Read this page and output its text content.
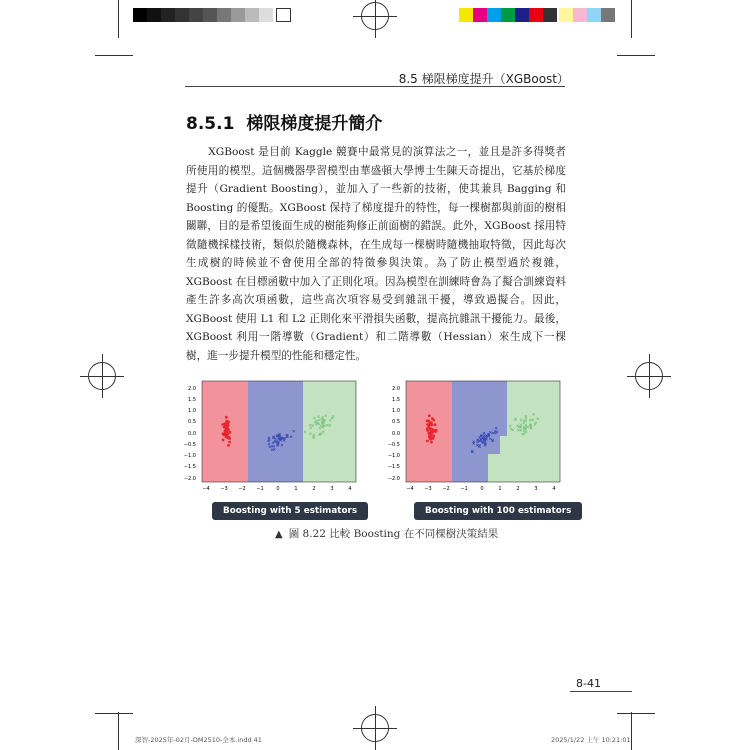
8.5 梯限梯度提升（XGBoost）
8.5.1 梯限梯度提升簡介

XGBoost 是目前 Kaggle 競賽中最常見的演算法之一，並且是許多得獎者所使用的模型。這個機器學習模型由華盛頓大學博士生陳天奇提出，它基於梯度提升（Gradient Boosting），並加入了一些新的技術，使其兼具 Bagging 和 Boosting 的優點。XGBoost 保持了梯度提升的特性，每一棵樹都與前面的樹相關聯，目的是希望後面生成的樹能夠修正前面樹的錯誤。此外，XGBoost 採用特徵隨機採樣技術，類似於隨機森林，在生成每一棵樹時隨機抽取特徵，因此每次生成樹的時候並不會使用全部的特徵參與決策。為了防止模型過於複雜，XGBoost 在目標函數中加入了正則化項。因為模型在訓練時會為了擬合訓練資料產生許多高次項函數，這些高次項容易受到雜訊干擾，導致過擬合。因此，XGBoost 使用 L1 和 L2 正則化來平滑損失函數，提高抗雜訊干擾能力。最後，XGBoost 利用一階導數（Gradient）和二階導數（Hessian）來生成下一棵樹，進一步提升模型的性能和穩定性。

2.0
1.5
1.0
0.5
0.0
−0.5
−1.0
−1.5
−2.0
−4 −3 −2 −1	0	1	2	3	4
2.0
1.5
1.0
0.5
0.0
−0.5
−1.0
−1.5
−2.0
−4 −3 −2 −1	0	1	2	3	4
Boosting with 5 estimators	Boosting with 100 estimators
▲ 圖 8.22 比較 Boosting 在不同棵樹決策結果
8-41
深智-2025年-02月-DM2510-全本.indd 41	2025/1/22 上午 10:21:01
